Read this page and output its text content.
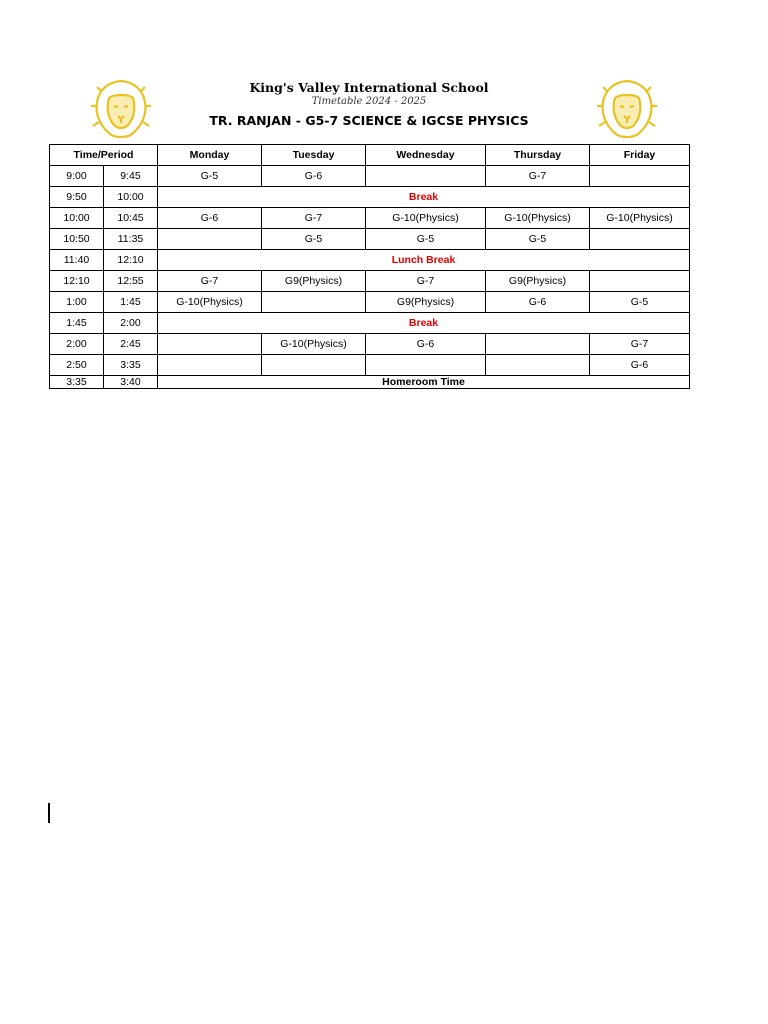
King's Valley International School
Timetable 2024 - 2025
TR. RANJAN - G5-7 SCIENCE & IGCSE PHYSICS
Time/Period		Monday	Tuesday	Wednesday	Thursday	Friday
9:00	9:45	G-5	G-6		G-7	
9:50	10:00	Break				
10:00	10:45	G-6	G-7	G-10(Physics)	G-10(Physics)	G-10(Physics)
10:50	11:35		G-5	G-5	G-5	
11:40	12:10	Lunch Break				
12:10	12:55	G-7	G9(Physics)	G-7	G9(Physics)	
1:00	1:45	G-10(Physics)		G9(Physics)	G-6	G-5
1:45	2:00	Break				
2:00	2:45		G-10(Physics)	G-6		G-7
2:50	3:35					G-6
3:35	3:40	Homeroom Time				
